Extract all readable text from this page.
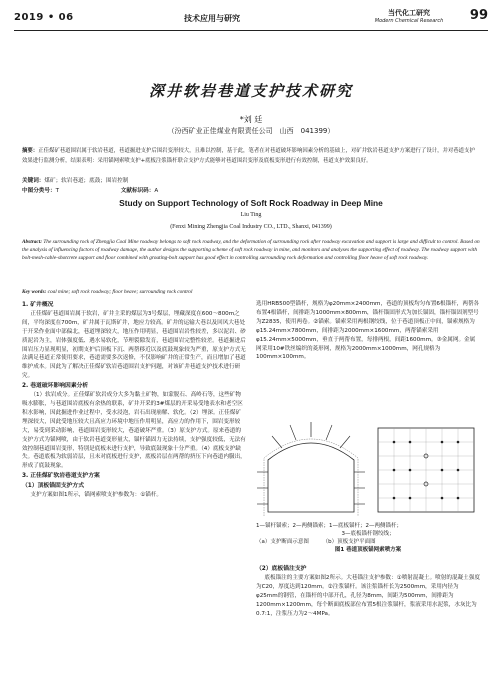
2019 • 06	技术应用与研究
当代化工研究
Modern Chemical Research	99
深井软岩巷道支护技术研究
*刘 廷
（汾西矿业正佳煤业有限责任公司　山西　041399）
摘要：正佳煤矿巷道围岩属于软岩巷道，巷道掘进支护后围岩变形较大，且难以控制，基于此，笔者在对巷道破坏影响因素分析的基础上，对矿井软岩巷道支护方案进行了设计，并对巷道支护效果进行监测分析，结果表明：采用锚网索喷支护+底板注浆锚杆联合支护方式能够对巷道围岩变形及底板变形进行有效控制，巷道支护效果良好。
关键词：煤矿；软岩巷道；底鼓；围岩控制
中图分类号：T	文献标识码：A
Study on Support Technology of Soft Rock Roadway in Deep Mine
Liu Ting
(Fenxi Mining Zhengjia Coal Industry CO., LTD., Shanxi, 041399)
Abstract: The surrounding rock of Zhengjia Coal Mine roadway belongs to soft rock roadway, and the deformation of surrounding rock after roadway excavation and support is large and difficult to control. Based on the analysis of influencing factors of roadway damage, the author designs the supporting scheme of soft rock roadway in mine, and monitors and analyses the supporting effect of roadway. The roadway support with bolt-mesh-cable-shotcrete support and floor combined with grouting-bolt support has good effect in controlling surrounding rock deformation and controlling floor heave of soft rock roadway.
Key words: coal mine; soft rock roadway; floor heave; surrounding rock control
1. 矿井概况

正佳煤矿巷道围岩属于软岩，矿井主采的煤层为3号煤层，埋藏深度在600～800m之间，平均深度在700m，矿井属于瓦斯矿井，地应力较高。矿井的运输大巷以及回风大巷处于开采作业面中部偏北，巷道埋深较大，地压作用明显，巷道围岩岩性较差，多以泥岩、砂质泥岩为主，岩体强度低、遇水易软化，节理裂隙发育，巷道围岩完整性较差。巷道掘进后围岩压力显现明显，初期支护后顶板下沉、两帮移近以及底鼓现象较为严重，原支护方式无法满足巷道正常使用要求，巷道需要多次返修，不仅影响矿井的正常生产，而且增加了巷道维护成本。因此为了解决正佳煤矿软岩巷道围岩支护问题，对该矿井巷道支护技术进行研究。

2. 巷道破坏影响因素分析

（1）软岩成分。正佳煤矿软岩成分大多为黏土矿物，如蒙脱石、高岭石等，这些矿物吸水膨胀，与巷道围岩底板有余热的联系，矿井开采的3#煤层的开采易受地表水和老空区积水影响，因此掘进作业过程中，受水浸泡，岩石出现崩解、软化。（2）埋深。正佳煤矿埋深较大，因此受地压较大且高应力环境中地压作用明显，高应力的作用下，围岩变形较大，易受到采动影响，巷道围岩变形较大，巷道破坏严重。（3）原支护方式。原来巷道的支护方式为锚网喷，由于软岩巷道变形量大，锚杆锚固力无法持续，支护强度较低，无法有效控制巷道围岩变形，特别是底板未进行支护，导致底鼓现象十分严重。（4）底板支护缺失。巷道底板为软弱岩层，且未对底板进行支护，底板岩层在两帮的挤压下向巷道内臌出，形成了底鼓现象。

3. 正佳煤矿软岩巷道支护方案
（1）顶板锚固支护方式

支护方案如图1所示，锚网索喷支护参数为：①锚杆。

选用HRB500型锚杆，规格为φ20mm×2400mm，巷道的顶板均匀布置6根锚杆，两帮各布置4根锚杆，间排距为1000mm×800mm，锚杆锚固形式为加长锚固，锚杆锚固剂型号为Z2835，使用两卷。②锚索。锚索采用两根钢绞线，位于巷道顶板正中间，锚索规格为φ15.24mm×7800mm，间排距为2000mm×1600mm，两帮锚索采用φ15.24mm×5000mm，垂直于两帮布置，每排两根，间距1600mm。③金属网。金属网采用10#铁丝编织的菱形网，规格为2000mm×1000mm，网孔规格为100mm×100mm。

1—锚杆锚索；2—两侧锚索；1—底板锚杆；2—两侧锚杆；
3—底板锚杆钢绞线；
（a）支护断面示意图　　　（b）顶板支护平面图
图1 巷道顶板锚网索喷方案
（2）底板锚注支护

底板锚注的主要方案如图2所示。大巷锚注支护参数：①喷射混凝土。喷射的混凝土强度为C20，厚度达到120mm。②注浆锚杆。该注浆锚杆长为2500mm，采用内径为φ25mm的钢管，在锚杆的中部开孔，孔径为8mm，间距为500mm，间排距为1200mm×1200mm，每个断面底板部位布置5根注浆锚杆，浆液采用水泥浆，水灰比为0.7:1，注浆压力为2～4MPa。
